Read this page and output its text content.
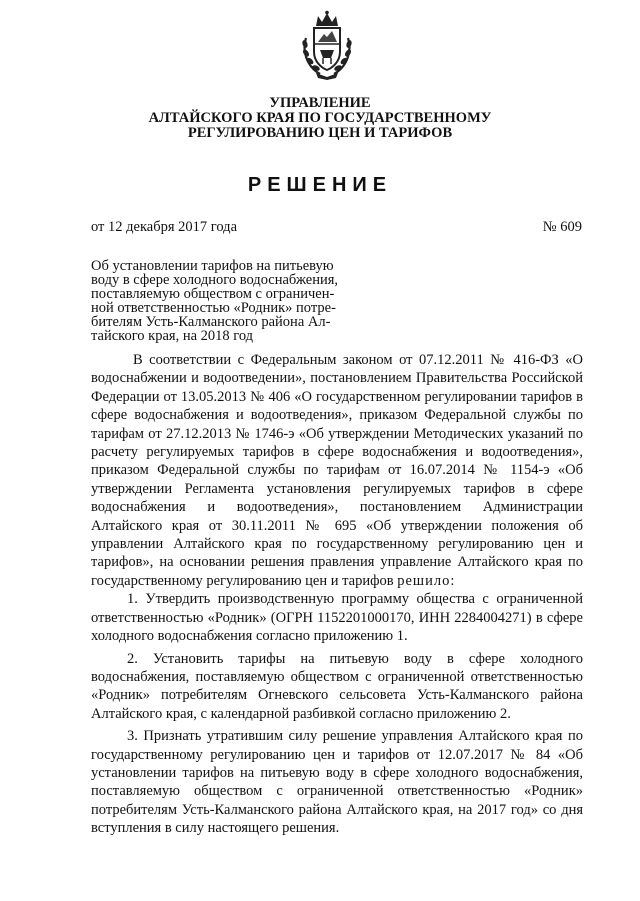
УПРАВЛЕНИЕ
АЛТАЙСКОГО КРАЯ ПО ГОСУДАРСТВЕННОМУ
РЕГУЛИРОВАНИЮ ЦЕН И ТАРИФОВ
РЕШЕНИЕ
от 12 декабря 2017 года	№ 609
Об установлении тарифов на питьевую
воду в сфере холодного водоснабжения,
поставляемую обществом с ограничен-
ной ответственностью «Родник» потре-
бителям Усть-Калманского района Ал-
тайского края, на 2018 год

В соответствии с Федеральным законом от 07.12.2011 № 416-ФЗ «О водоснабжении и водоотведении», постановлением Правительства Российской Федерации от 13.05.2013 № 406 «О государственном регулировании тарифов в сфере водоснабжения и водоотведения», приказом Федеральной службы по тарифам от 27.12.2013 № 1746-э «Об утверждении Методических указаний по расчету регулируемых тарифов в сфере водоснабжения и водоотведения», приказом Федеральной службы по тарифам от 16.07.2014 № 1154-э «Об утверждении Регламента установления регулируемых тарифов в сфере водоснабжения и водоотведения», постановлением Администрации Алтайского края от 30.11.2011 № 695 «Об утверждении положения об управлении Алтайского края по государственному регулированию цен и тарифов», на основании решения правления управление Алтайского края по государственному регулированию цен и тарифов решило:

1. Утвердить производственную программу общества с ограниченной ответственностью «Родник» (ОГРН 1152201000170, ИНН 2284004271) в сфере холодного водоснабжения согласно приложению 1.

2. Установить тарифы на питьевую воду в сфере холодного водоснабжения, поставляемую обществом с ограниченной ответственностью «Родник» потребителям Огневского сельсовета Усть-Калманского района Алтайского края, с календарной разбивкой согласно приложению 2.

3. Признать утратившим силу решение управления Алтайского края по государственному регулированию цен и тарифов от 12.07.2017 № 84 «Об установлении тарифов на питьевую воду в сфере холодного водоснабжения, поставляемую обществом с ограниченной ответственностью «Родник» потребителям Усть-Калманского района Алтайского края, на 2017 год» со дня вступления в силу настоящего решения.
